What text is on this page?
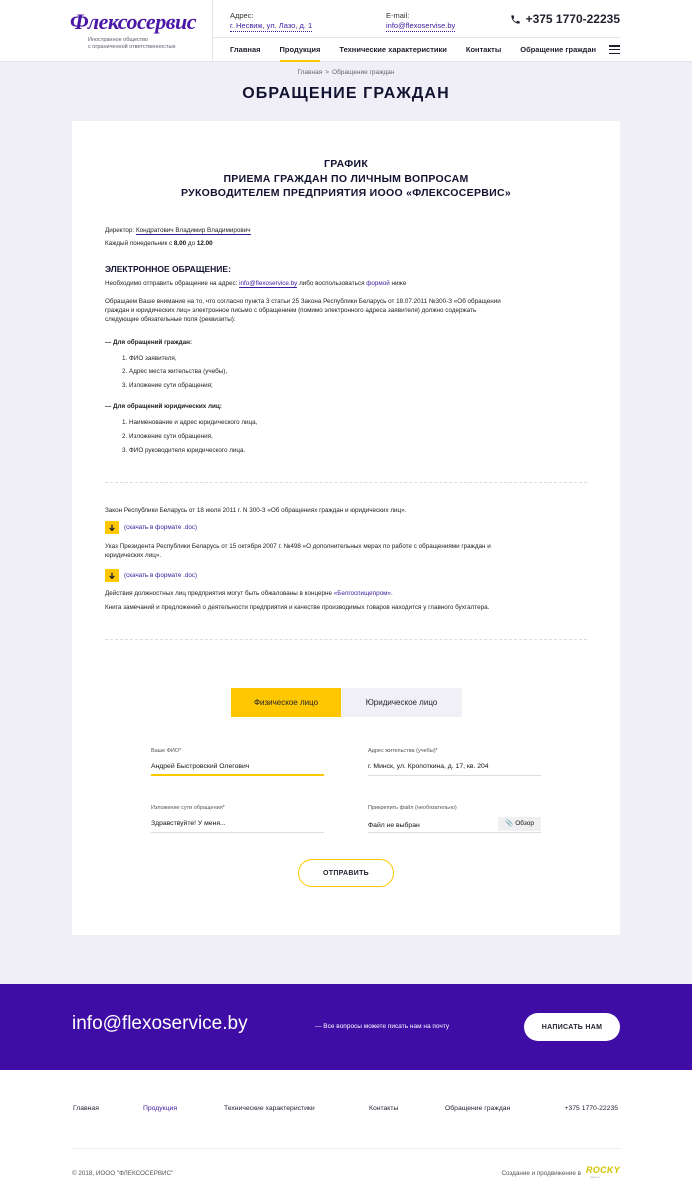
Флексосервис
Иностранное общество
с ограниченной ответственностью
Адрес:
г. Несвиж, ул. Лазо, д. 1
E-mail:
info@flexoservise.by	+375 1770-22235
Главная	Продукция	Технические характеристики	Контакты	Обращение граждан
Главная > Обращение граждан
ОБРАЩЕНИЕ ГРАЖДАН
ГРАФИК
ПРИЕМА ГРАЖДАН ПО ЛИЧНЫМ ВОПРОСАМ
РУКОВОДИТЕЛЕМ ПРЕДПРИЯТИЯ ИООО «ФЛЕКСОСЕРВИС»
Директор: Кондратович Владимир Владимирович
Каждый понедельник с 8.00 до 12.00
ЭЛЕКТРОННОЕ ОБРАЩЕНИЕ:
Необходимо отправить обращение на адрес: info@flexoservice.by либо воспользоваться формой ниже
Обращаем Ваше внимание на то, что согласно пункта 3 статьи 25 Закона Республики Беларусь от 18.07.2011 №300-З «Об обращении
граждан и юридических лиц» электронное письмо с обращением (помимо электронного адреса заявителя) должно содержать
следующие обязательные поля (реквизиты):
— Для обращений граждан:
1. ФИО заявителя,
2. Адрес места жительства (учебы),
3. Изложение сути обращения;
— Для обращений юридических лиц:
1. Наименование и адрес юридического лица,
2. Изложение сути обращения,
3. ФИО руководителя юридического лица.
Закон Республики Беларусь от 18 июля 2011 г. N 300-З «Об обращениях граждан и юридических лиц».
(скачать в формате .doc)
Указ Президента Республики Беларусь от 15 октября 2007 г. №498 «О дополнительных мерах по работе с обращениями граждан и
юридических лиц».
(скачать в формате .doc)
Действия должностных лиц предприятия могут быть обжалованы в концерне «Белгоспищепром».
Книга замечаний и предложений о деятельности предприятия и качестве производимых товаров находится у главного бухгалтера.
Физическое лицо	Юридическое лицо
Ваше ФИО*
Андрей Быстровский Олегович	Адрес жительства (учебы)*
г. Минск, ул. Кропоткина, д. 17, кв. 204
Изложение сути обращения*
Здравствуйте! У меня...	Прикрепить файл (необязательно)
Файл не выбран	📎 Обзор
ОТПРАВИТЬ
info@flexoservice.by	— Все вопросы можете писать нам на почту	НАПИСАТЬ НАМ
Главная	Продукция	Технические характеристики	Контакты	Обращение граждан	+375 1770-22235
© 2018, ИООО "ФЛЕКСОСЕРВИС"	Создание и продвижение в ROCKY
Agency
